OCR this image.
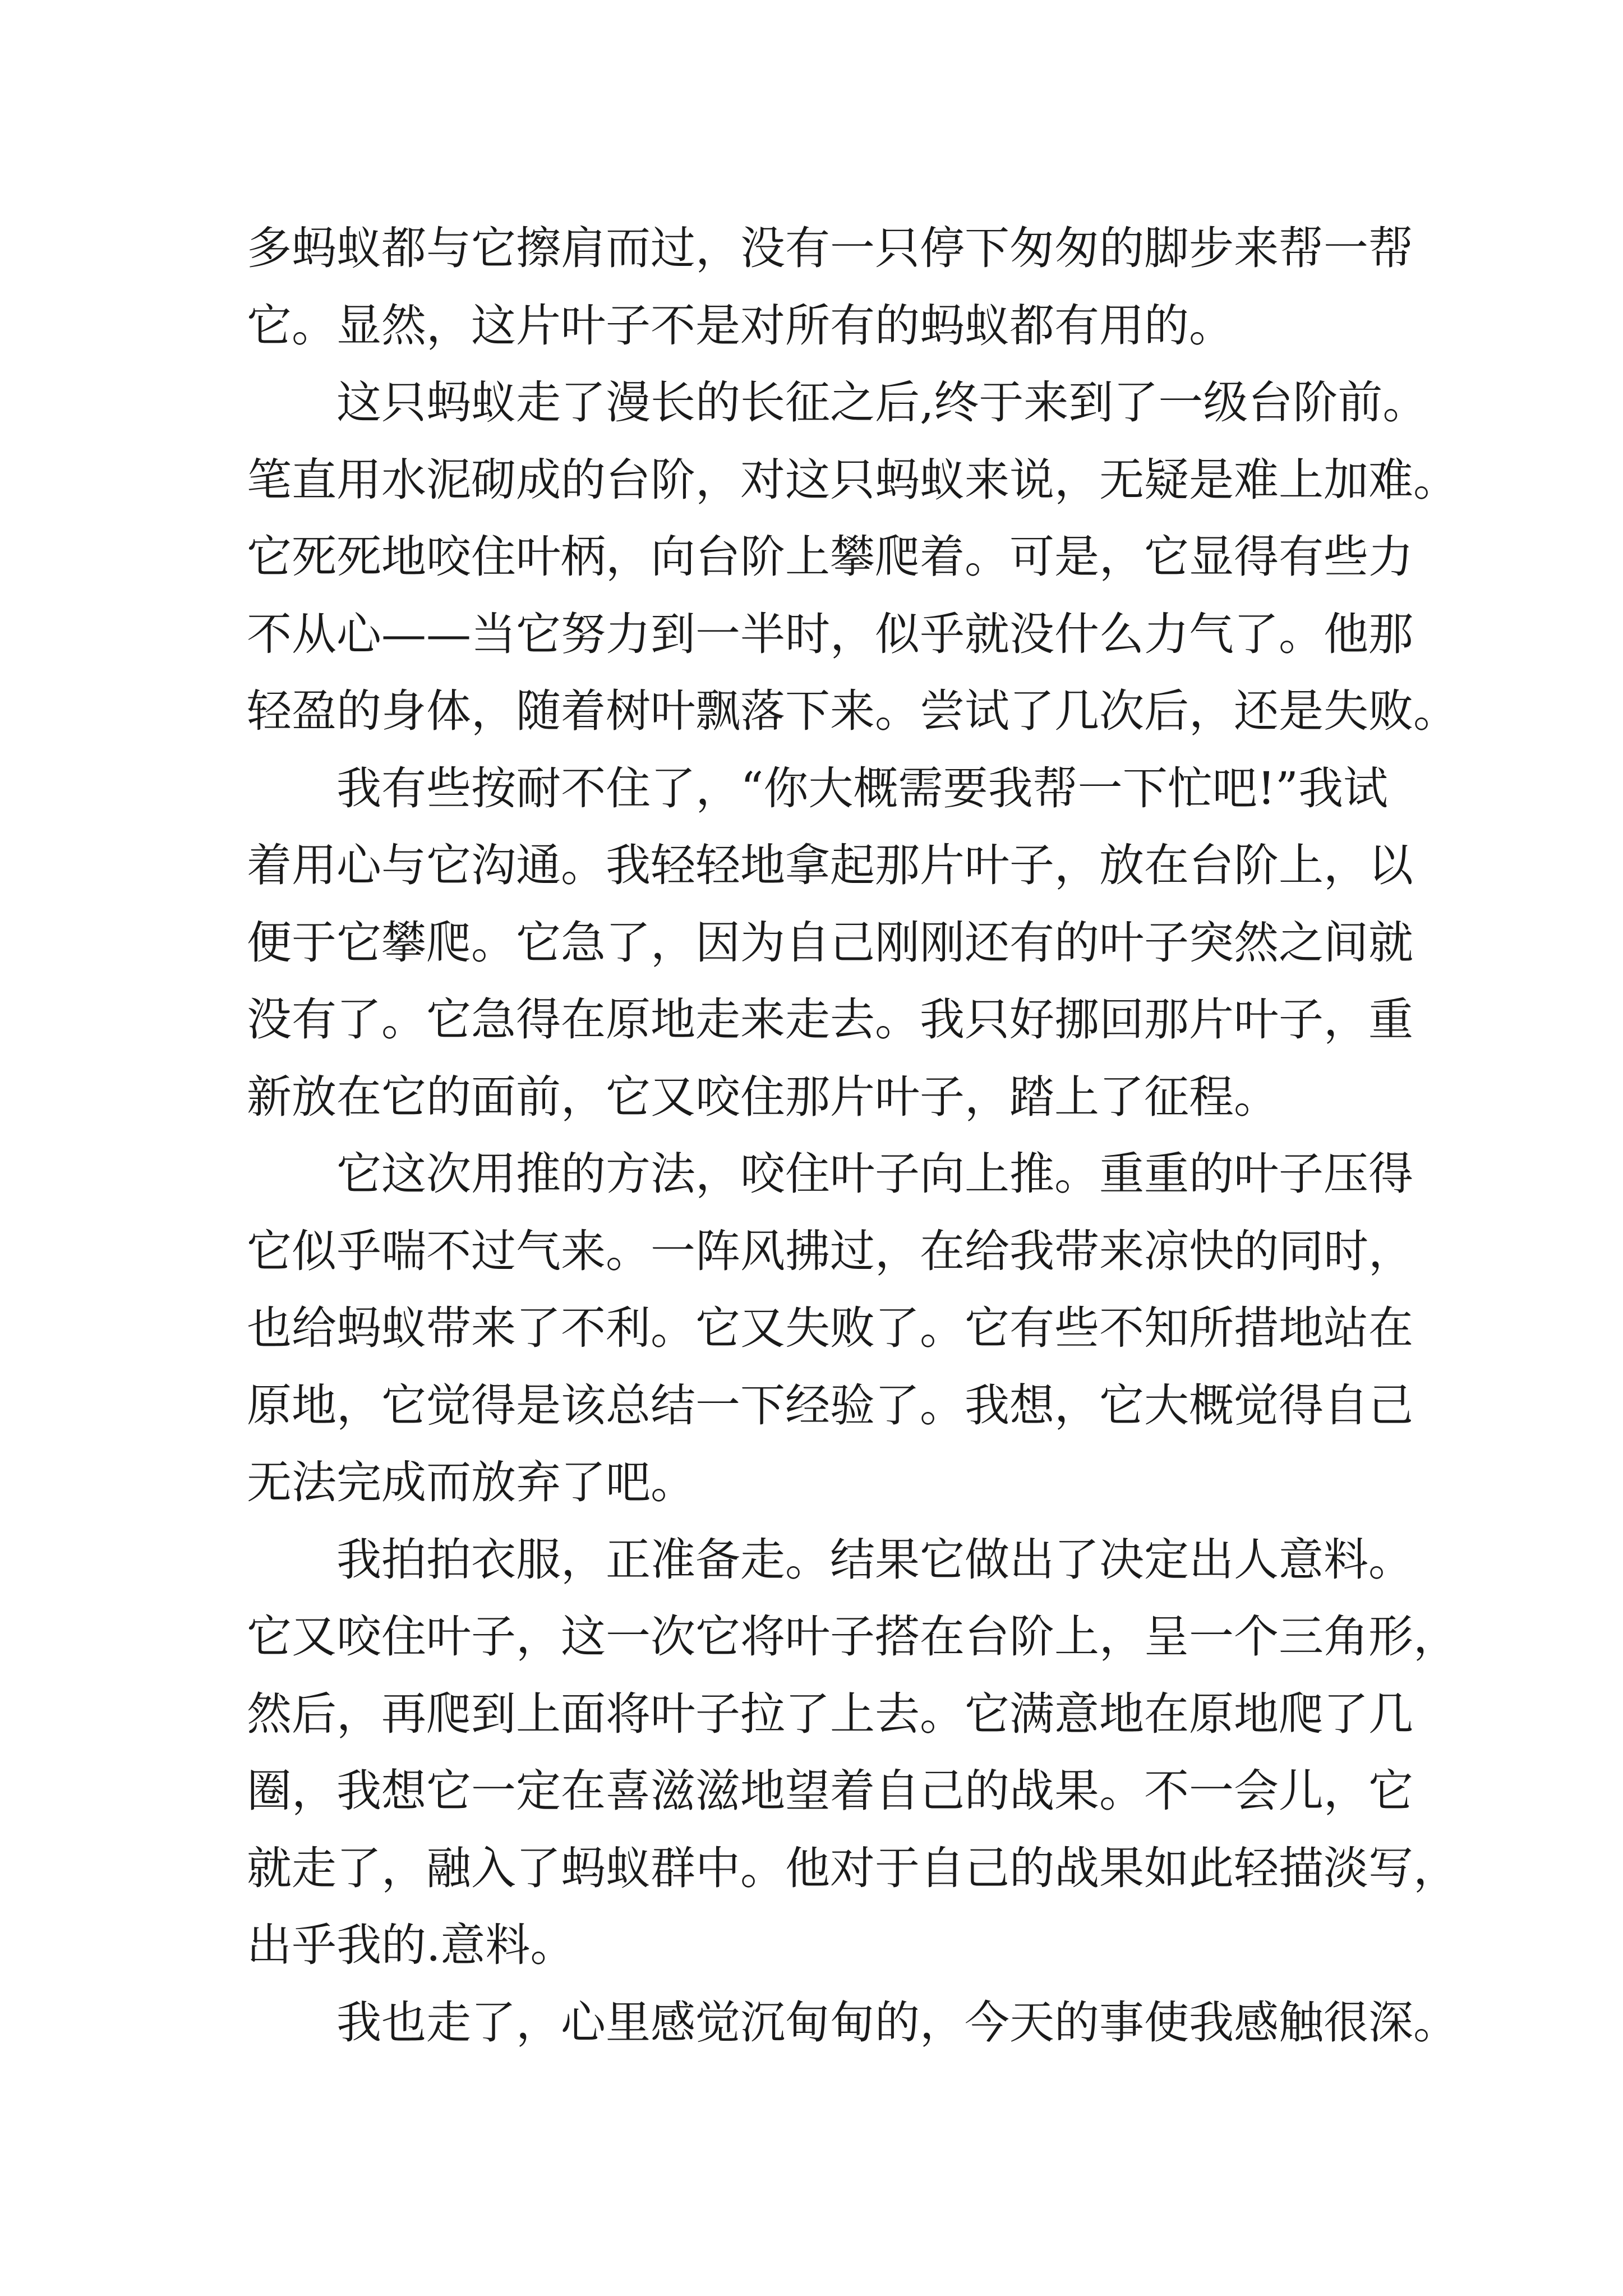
多蚂蚁都与它擦肩而过，没有一只停下匆匆的脚步来帮一帮
它。显然，这片叶子不是对所有的蚂蚁都有用的。
这只蚂蚁走了漫长的长征之后,终于来到了一级台阶前。
笔直用水泥砌成的台阶，对这只蚂蚁来说，无疑是难上加难。
它死死地咬住叶柄，向台阶上攀爬着。可是，它显得有些力
不从心——当它努力到一半时，似乎就没什么力气了。他那
轻盈的身体，随着树叶飘落下来。尝试了几次后，还是失败。
我有些按耐不住了，“你大概需要我帮一下忙吧!”我试
着用心与它沟通。我轻轻地拿起那片叶子，放在台阶上，以
便于它攀爬。它急了，因为自己刚刚还有的叶子突然之间就
没有了。它急得在原地走来走去。我只好挪回那片叶子，重
新放在它的面前，它又咬住那片叶子，踏上了征程。
它这次用推的方法，咬住叶子向上推。重重的叶子压得
它似乎喘不过气来。一阵风拂过，在给我带来凉快的同时，
也给蚂蚁带来了不利。它又失败了。它有些不知所措地站在
原地，它觉得是该总结一下经验了。我想，它大概觉得自己
无法完成而放弃了吧。
我拍拍衣服，正准备走。结果它做出了决定出人意料。
它又咬住叶子，这一次它将叶子搭在台阶上，呈一个三角形，
然后，再爬到上面将叶子拉了上去。它满意地在原地爬了几
圈，我想它一定在喜滋滋地望着自己的战果。不一会儿，它
就走了，融入了蚂蚁群中。他对于自己的战果如此轻描淡写，
出乎我的.意料。
我也走了，心里感觉沉甸甸的，今天的事使我感触很深。
